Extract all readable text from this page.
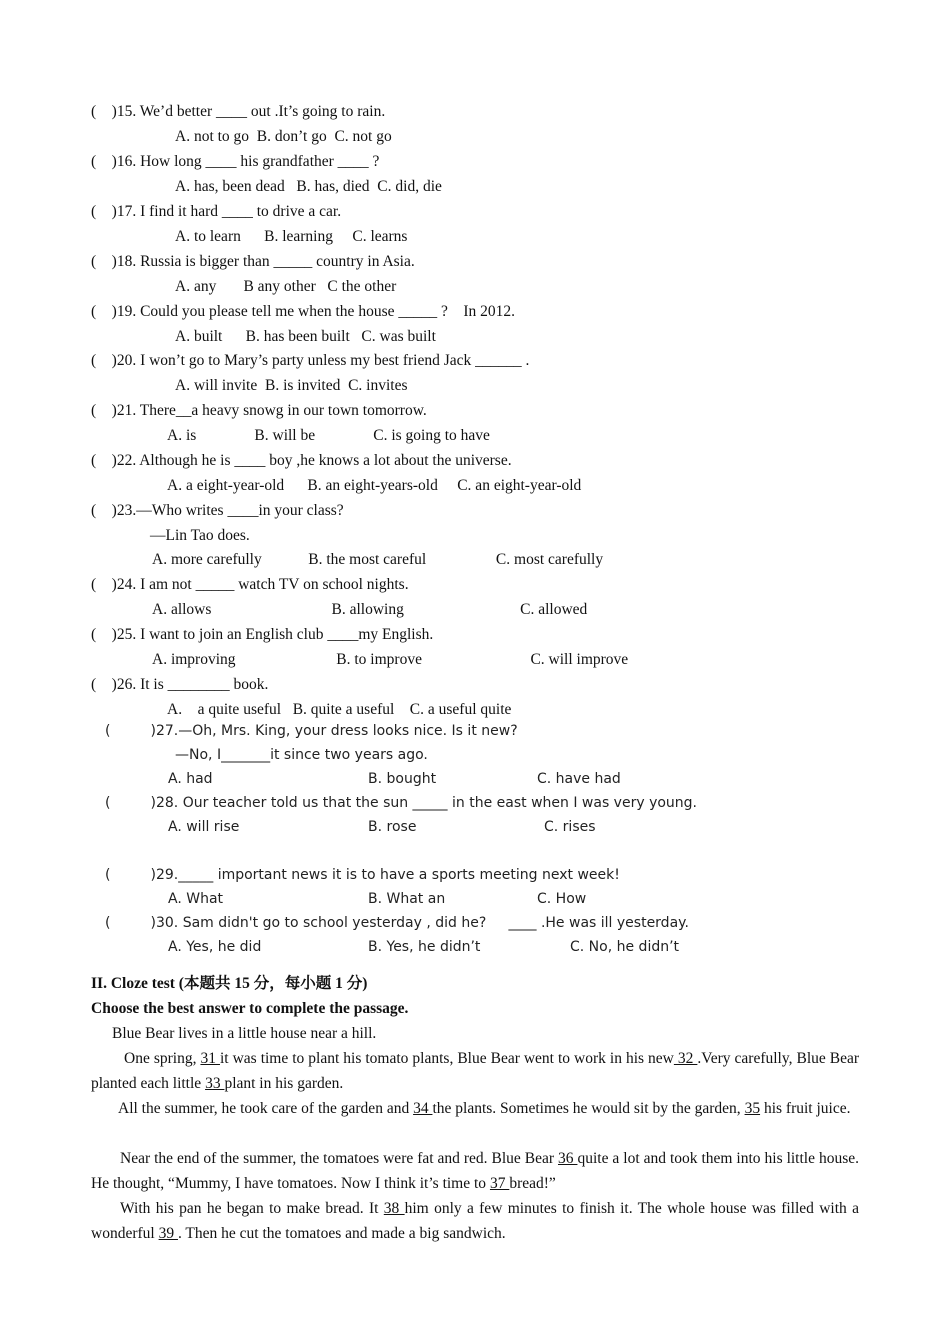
(    )15. We’d better ____ out .It’s going to rain.
A. not to go  B. don’t go  C. not go
(    )16. How long ____ his grandfather ____ ?
A. has, been dead   B. has, died  C. did, die
(    )17. I find it hard ____ to drive a car.
A. to learn      B. learning     C. learns
(    )18. Russia is bigger than _____ country in Asia.
A. any       B any other   C the other
(    )19. Could you please tell me when the house _____ ?    In 2012.
A. built      B. has been built   C. was built
(    )20. I won’t go to Mary’s party unless my best friend Jack ______ .
A. will invite  B. is invited  C. invites
(    )21. There__a heavy snowg in our town tomorrow.
A. is               B. will be               C. is going to have
(    )22. Although he is ____ boy ,he knows a lot about the universe.
A. a eight-year-old      B. an eight-years-old     C. an eight-year-old
(    )23.—Who writes ____in your class?
—Lin Tao does.
A. more carefully            B. the most careful                  C. most carefully
(    )24. I am not _____ watch TV on school nights.
A. allows                               B. allowing                              C. allowed
(    )25. I want to join an English club ____my English.
A. improving                          B. to improve                            C. will improve
(    )26. It is ________ book.
A.    a quite useful   B. quite a useful    C. a useful quite
(         )27.—Oh, Mrs. King, your dress looks nice. Is it new?
—No, I_______it since two years ago.
A. had	B. bought	C. have had
(         )28. Our teacher told us that the sun _____ in the east when I was very young.
A. will rise	B. rose	C. rises
(         )29._____ important news it is to have a sports meeting next week!
A. What	B. What an	C. How
(         )30. Sam didn't go to school yesterday , did he?     ____ .He was ill yesterday.
A. Yes, he did	B. Yes, he didn’t	C. No, he didn’t
II. Cloze test (本题共 15 分，每小题 1 分)
Choose the best answer to complete the passage.
Blue Bear lives in a little house near a hill.
One spring, 31 it was time to plant his tomato plants, Blue Bear went to work in his new 32 .Very carefully, Blue Bear planted each little 33 plant in his garden.
All the summer, he took care of the garden and 34 the plants. Sometimes he would sit by the garden, 35 his fruit juice.
Near the end of the summer, the tomatoes were fat and red. Blue Bear 36 quite a lot and took them into his little house. He thought, “Mummy, I have tomatoes. Now I think it’s time to 37 bread!”
With his pan he began to make bread. It 38 him only a few minutes to finish it. The whole house was filled with a wonderful 39 . Then he cut the tomatoes and made a big sandwich.
